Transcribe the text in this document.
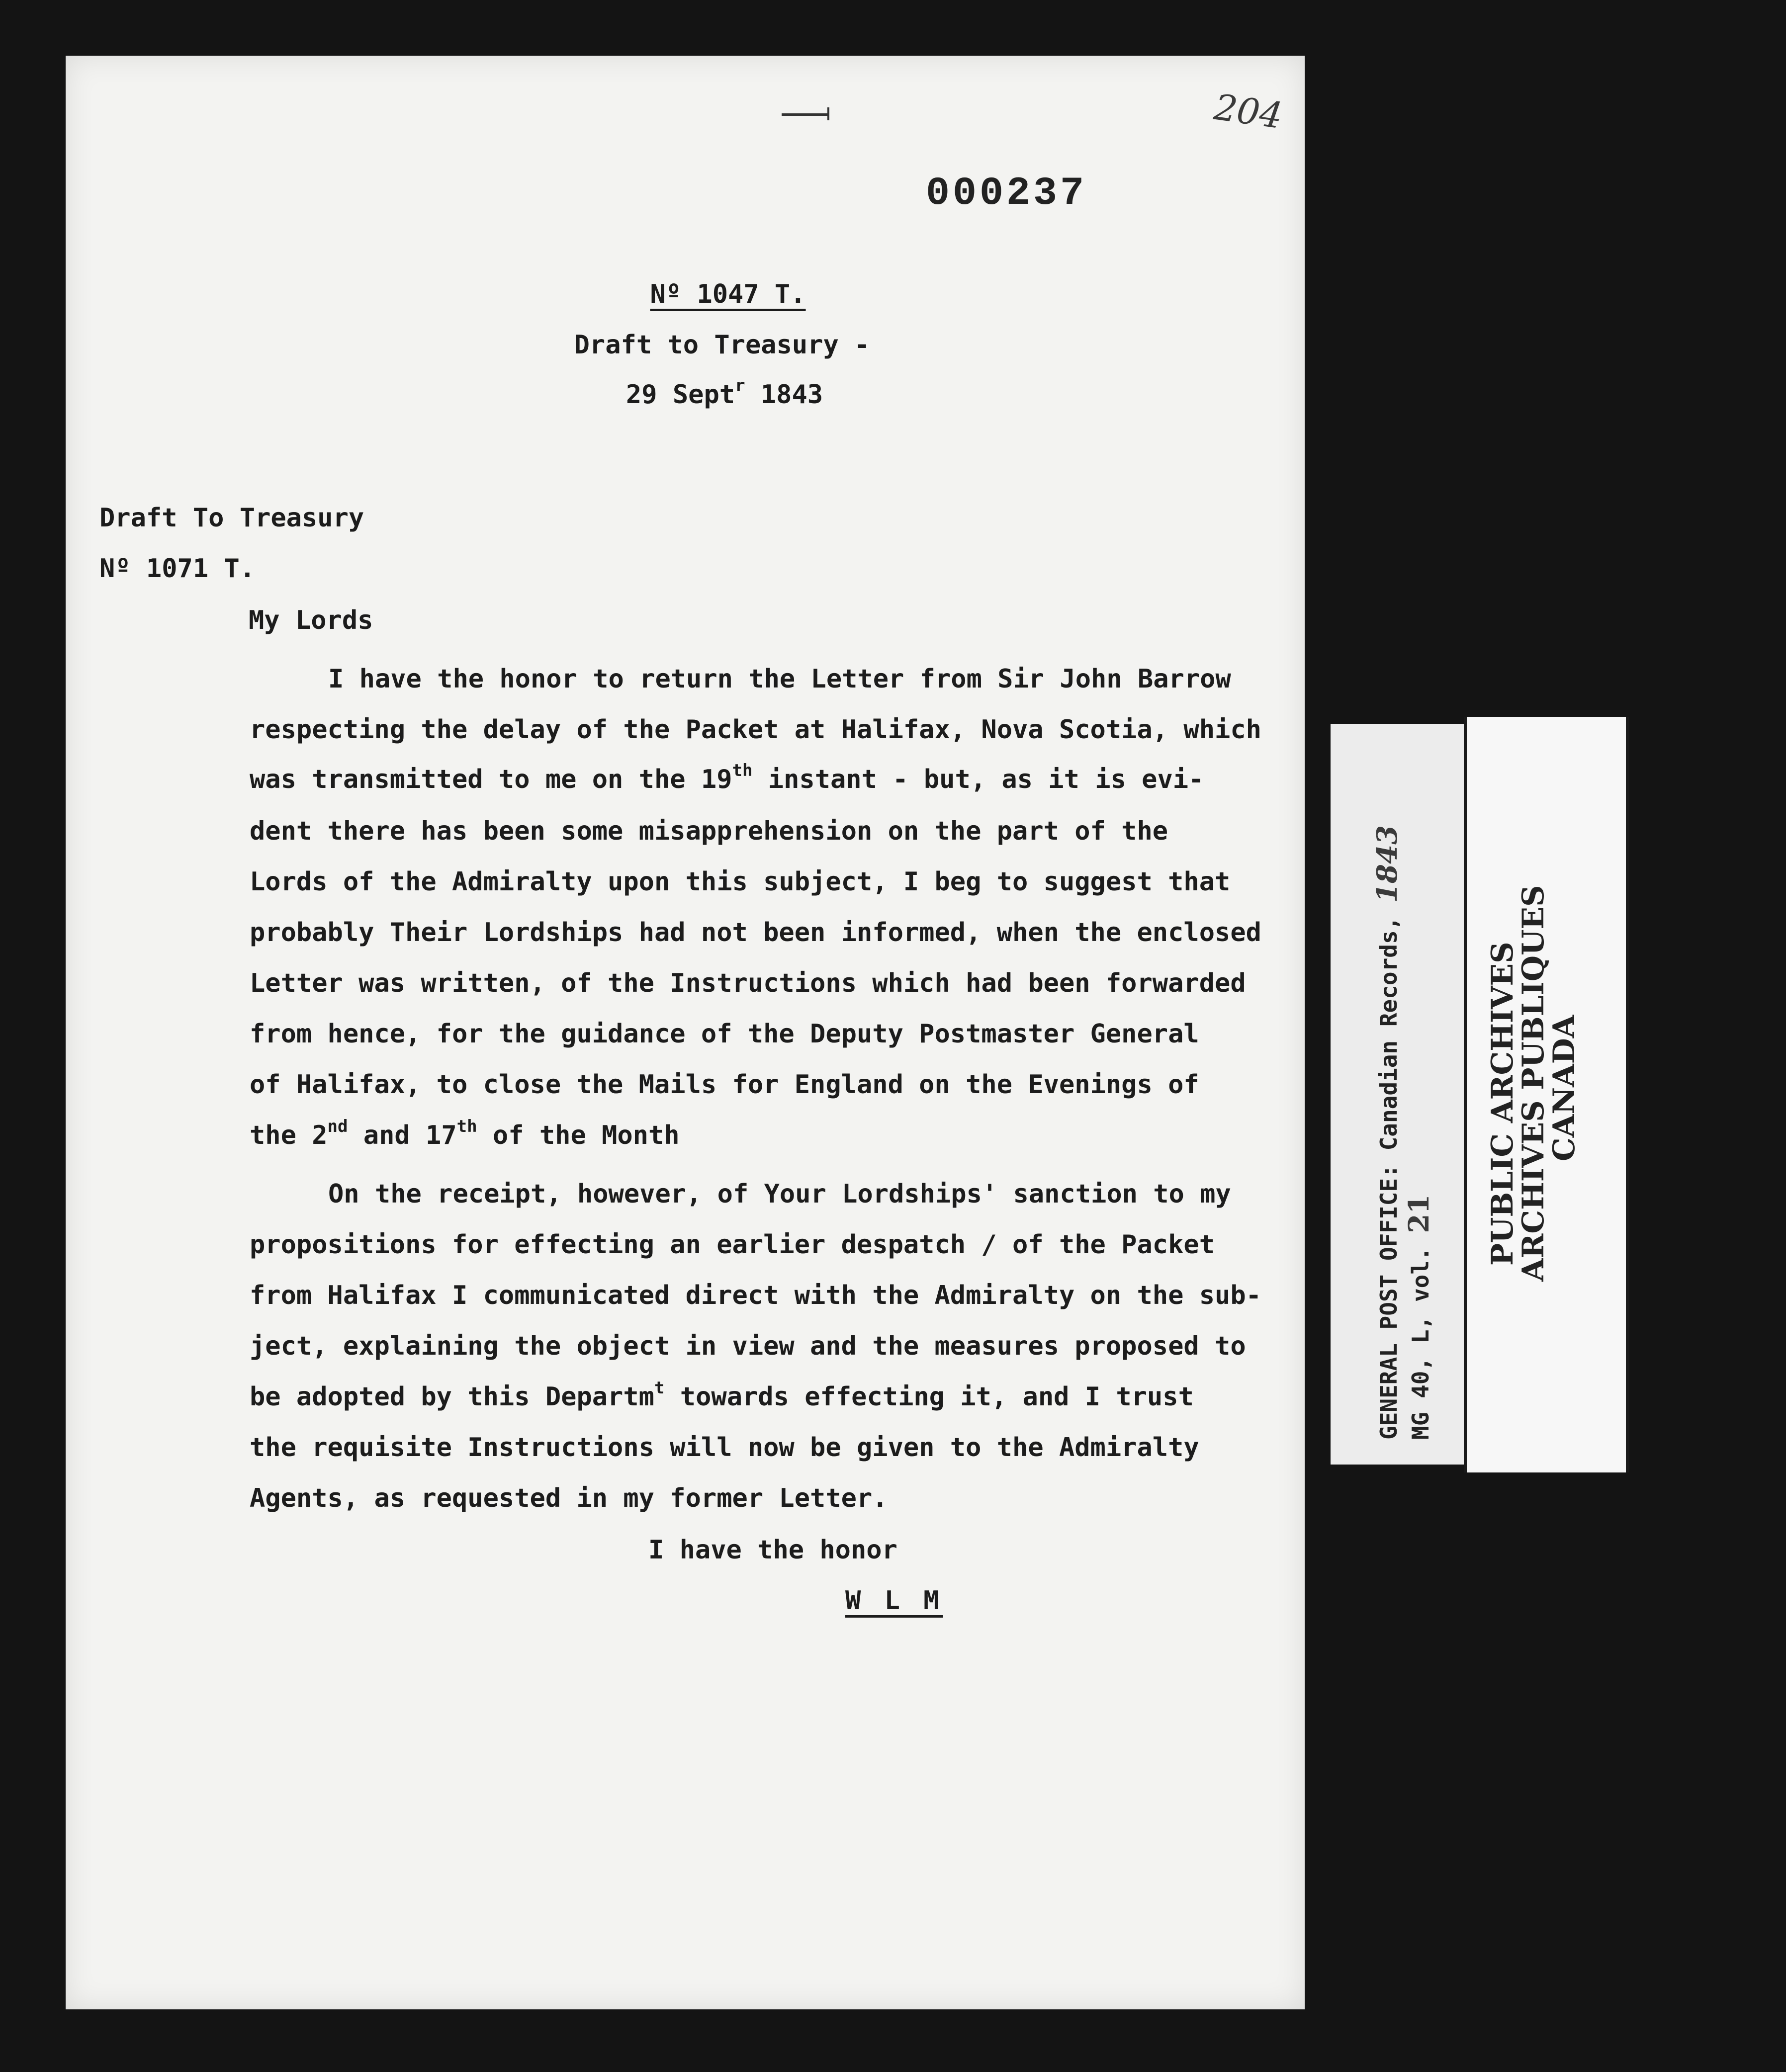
204
000237
Nº 1047 T.
Draft to Treasury -
29 Sept$^r$ 1843
Draft To Treasury
Nº 1071 T.
My Lords
I have the honor to return the Letter from Sir John Barrow
respecting the delay of the Packet at Halifax, Nova Scotia, which
was transmitted to me on the 19th instant - but, as it is evi-
dent there has been some misapprehension on the part of the
Lords of the Admiralty upon this subject, I beg to suggest that
probably Their Lordships had not been informed, when the enclosed
Letter was written, of the Instructions which had been forwarded
from hence, for the guidance of the Deputy Postmaster General
of Halifax, to close the Mails for England on the Evenings of
the 2nd and 17th of the Month
On the receipt, however, of Your Lordships' sanction to my
propositions for effecting an earlier despatch / of the Packet
from Halifax I communicated direct with the Admiralty on the sub-
ject, explaining the object in view and the measures proposed to
be adopted by this Departm$^t$ towards effecting it, and I trust
the requisite Instructions will now be given to the Admiralty
Agents, as requested in my former Letter.
I have the honor
W L M
GENERAL POST OFFICE: Canadian Records, 1843
MG 40, L, vol. 21 PUBLIC ARCHIVES
ARCHIVES PUBLIQUES
CANADA
